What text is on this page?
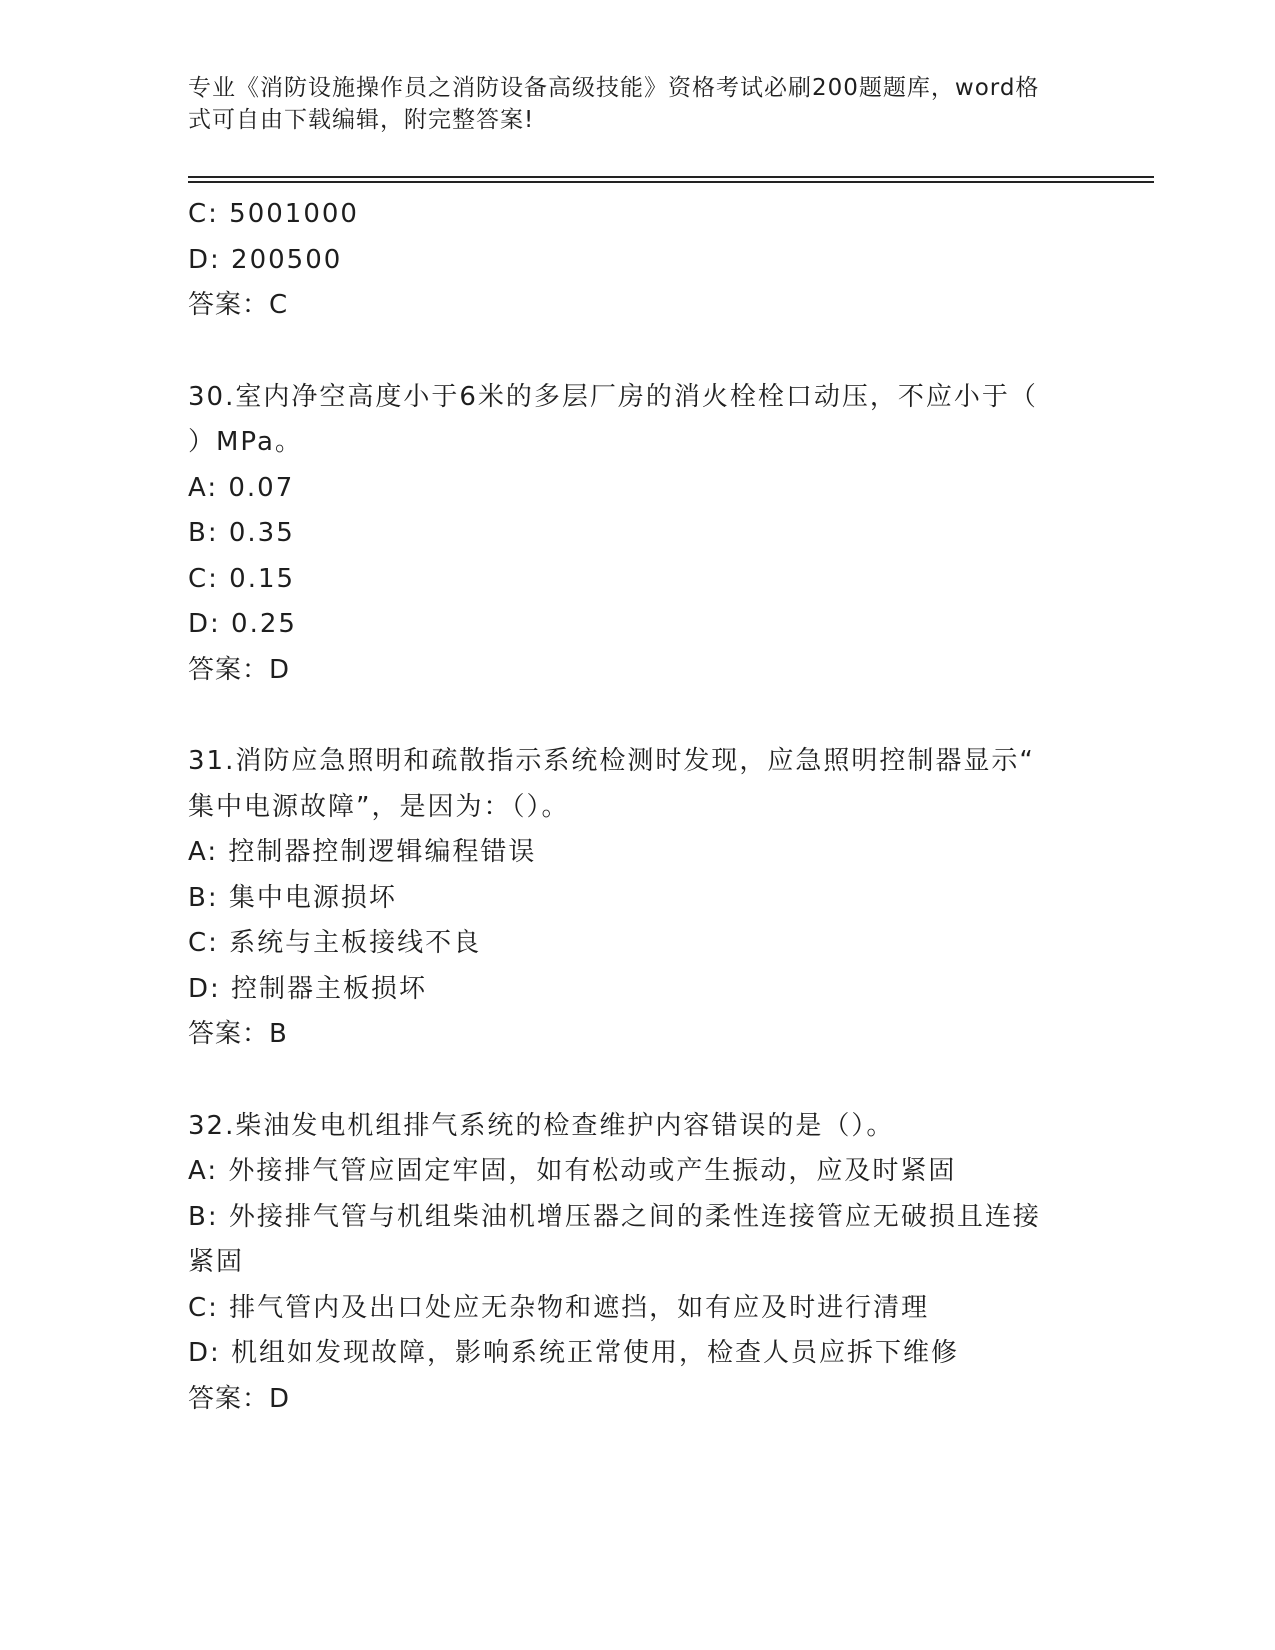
专业《消防设施操作员之消防设备高级技能》资格考试必刷200题题库，word格
式可自由下载编辑，附完整答案!
C: 5001000
D: 200500
答案：C
30.室内净空高度小于6米的多层厂房的消火栓栓口动压，不应小于（
）MPa。
A: 0.07
B: 0.35
C: 0.15
D: 0.25
答案：D
31.消防应急照明和疏散指示系统检测时发现，应急照明控制器显示“
集中电源故障”，是因为：（）。
A: 控制器控制逻辑编程错误
B: 集中电源损坏
C: 系统与主板接线不良
D: 控制器主板损坏
答案：B
32.柴油发电机组排气系统的检查维护内容错误的是（）。
A: 外接排气管应固定牢固，如有松动或产生振动，应及时紧固
B: 外接排气管与机组柴油机增压器之间的柔性连接管应无破损且连接
紧固
C: 排气管内及出口处应无杂物和遮挡，如有应及时进行清理
D: 机组如发现故障，影响系统正常使用，检查人员应拆下维修
答案：D
